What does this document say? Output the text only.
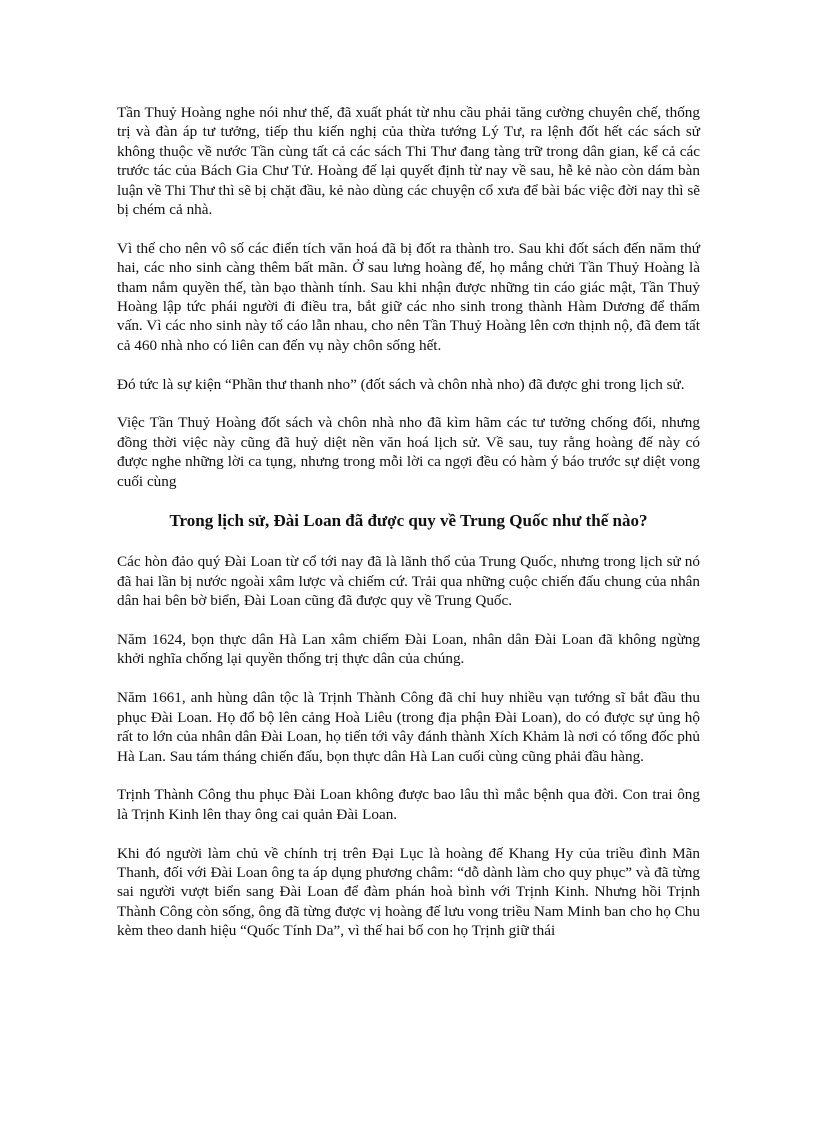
Tần Thuỷ Hoàng nghe nói như thế, đã xuất phát từ nhu cầu phải tăng cường chuyên chế, thống trị và đàn áp tư tưởng, tiếp thu kiến nghị của thừa tướng Lý Tư, ra lệnh đốt hết các sách sử không thuộc về nước Tần cùng tất cả các sách Thi Thư đang tàng trữ trong dân gian, kể cả các trước tác của Bách Gia Chư Tử. Hoàng đế lại quyết định từ nay về sau, hễ kẻ nào còn dám bàn luận về Thi Thư thì sẽ bị chặt đầu, kẻ nào dùng các chuyện cổ xưa để bài bác việc đời nay thì sẽ bị chém cả nhà.

Vì thế cho nên vô số các điển tích văn hoá đã bị đốt ra thành tro. Sau khi đốt sách đến năm thứ hai, các nho sinh càng thêm bất mãn. Ở sau lưng hoàng đế, họ mắng chửi Tần Thuỷ Hoàng là tham nắm quyền thế, tàn bạo thành tính. Sau khi nhận được những tin cáo giác mật, Tần Thuỷ Hoàng lập tức phái người đi điều tra, bắt giữ các nho sinh trong thành Hàm Dương để thẩm vấn. Vì các nho sinh này tố cáo lẫn nhau, cho nên Tần Thuỷ Hoàng lên cơn thịnh nộ, đã đem tất cả 460 nhà nho có liên can đến vụ này chôn sống hết.

Đó tức là sự kiện “Phần thư thanh nho” (đốt sách và chôn nhà nho) đã được ghi trong lịch sử.

Việc Tần Thuỷ Hoàng đốt sách và chôn nhà nho đã kìm hãm các tư tưởng chống đối, nhưng đồng thời việc này cũng đã huỷ diệt nền văn hoá lịch sử. Về sau, tuy rằng hoàng đế này có được nghe những lời ca tụng, nhưng trong mỗi lời ca ngợi đều có hàm ý báo trước sự diệt vong cuối cùng

Trong lịch sử, Đài Loan đã được quy về Trung Quốc như thế nào?

Các hòn đảo quý Đài Loan từ cổ tới nay đã là lãnh thổ của Trung Quốc, nhưng trong lịch sử nó đã hai lần bị nước ngoài xâm lược và chiếm cứ. Trải qua những cuộc chiến đấu chung của nhân dân hai bên bờ biển, Đài Loan cũng đã được quy về Trung Quốc.

Năm 1624, bọn thực dân Hà Lan xâm chiếm Đài Loan, nhân dân Đài Loan đã không ngừng khởi nghĩa chống lại quyền thống trị thực dân của chúng.

Năm 1661, anh hùng dân tộc là Trịnh Thành Công đã chỉ huy nhiều vạn tướng sĩ bắt đầu thu phục Đài Loan. Họ đổ bộ lên cảng Hoà Liêu (trong địa phận Đài Loan), do có được sự ủng hộ rất to lớn của nhân dân Đài Loan, họ tiến tới vây đánh thành Xích Khảm là nơi có tổng đốc phủ Hà Lan. Sau tám tháng chiến đấu, bọn thực dân Hà Lan cuối cùng cũng phải đầu hàng.

Trịnh Thành Công thu phục Đài Loan không được bao lâu thì mắc bệnh qua đời. Con trai ông là Trịnh Kinh lên thay ông cai quản Đài Loan.

Khi đó người làm chủ về chính trị trên Đại Lục là hoàng đế Khang Hy của triều đình Mãn Thanh, đối với Đài Loan ông ta áp dụng phương châm: “dỗ dành làm cho quy phục” và đã từng sai người vượt biển sang Đài Loan để đàm phán hoà bình với Trịnh Kinh. Nhưng hồi Trịnh Thành Công còn sống, ông đã từng được vị hoàng đế lưu vong triều Nam Minh ban cho họ Chu kèm theo danh hiệu “Quốc Tính Da”, vì thế hai bố con họ Trịnh giữ thái
